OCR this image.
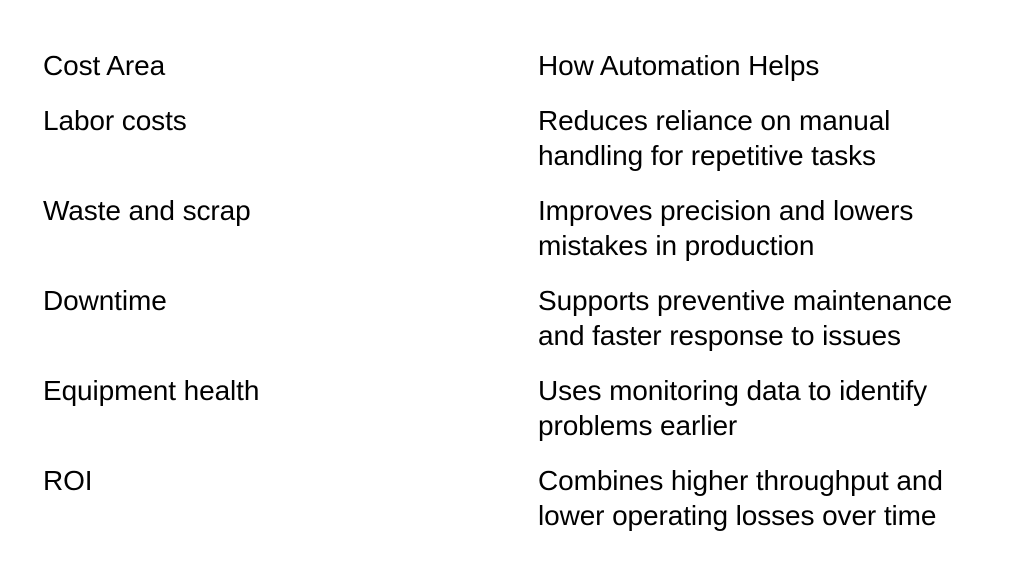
Cost Area	How Automation Helps
Labor costs	Reduces reliance on manual
handling for repetitive tasks
Waste and scrap	Improves precision and lowers
mistakes in production
Downtime	Supports preventive maintenance
and faster response to issues
Equipment health	Uses monitoring data to identify
problems earlier
ROI	Combines higher throughput and
lower operating losses over time
